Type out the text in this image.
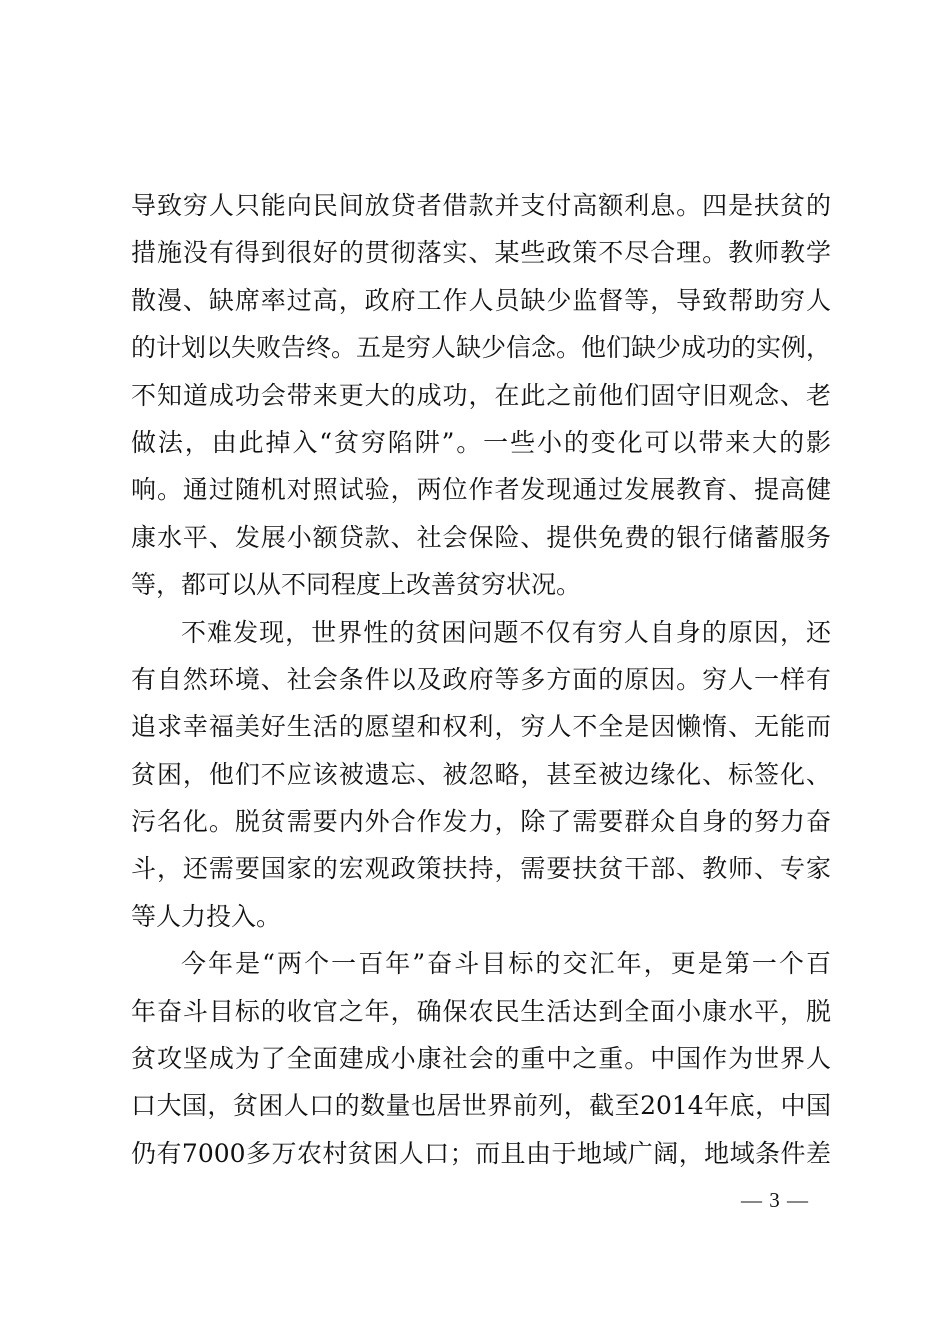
导致穷人只能向民间放贷者借款并支付高额利息。四是扶贫的
措施没有得到很好的贯彻落实、某些政策不尽合理。教师教学
散漫、缺席率过高，政府工作人员缺少监督等，导致帮助穷人
的计划以失败告终。五是穷人缺少信念。他们缺少成功的实例，
不知道成功会带来更大的成功，在此之前他们固守旧观念、老
做法，由此掉入“贫穷陷阱”。一些小的变化可以带来大的影
响。通过随机对照试验，两位作者发现通过发展教育、提高健
康水平、发展小额贷款、社会保险、提供免费的银行储蓄服务
等，都可以从不同程度上改善贫穷状况。
不难发现，世界性的贫困问题不仅有穷人自身的原因，还
有自然环境、社会条件以及政府等多方面的原因。穷人一样有
追求幸福美好生活的愿望和权利，穷人不全是因懒惰、无能而
贫困，他们不应该被遗忘、被忽略，甚至被边缘化、标签化、
污名化。脱贫需要内外合作发力，除了需要群众自身的努力奋
斗，还需要国家的宏观政策扶持，需要扶贫干部、教师、专家
等人力投入。
今年是“两个一百年”奋斗目标的交汇年，更是第一个百
年奋斗目标的收官之年，确保农民生活达到全面小康水平，脱
贫攻坚成为了全面建成小康社会的重中之重。中国作为世界人
口大国，贫困人口的数量也居世界前列，截至2014年底，中国
仍有7000多万农村贫困人口；而且由于地域广阔，地域条件差
— 3 —
